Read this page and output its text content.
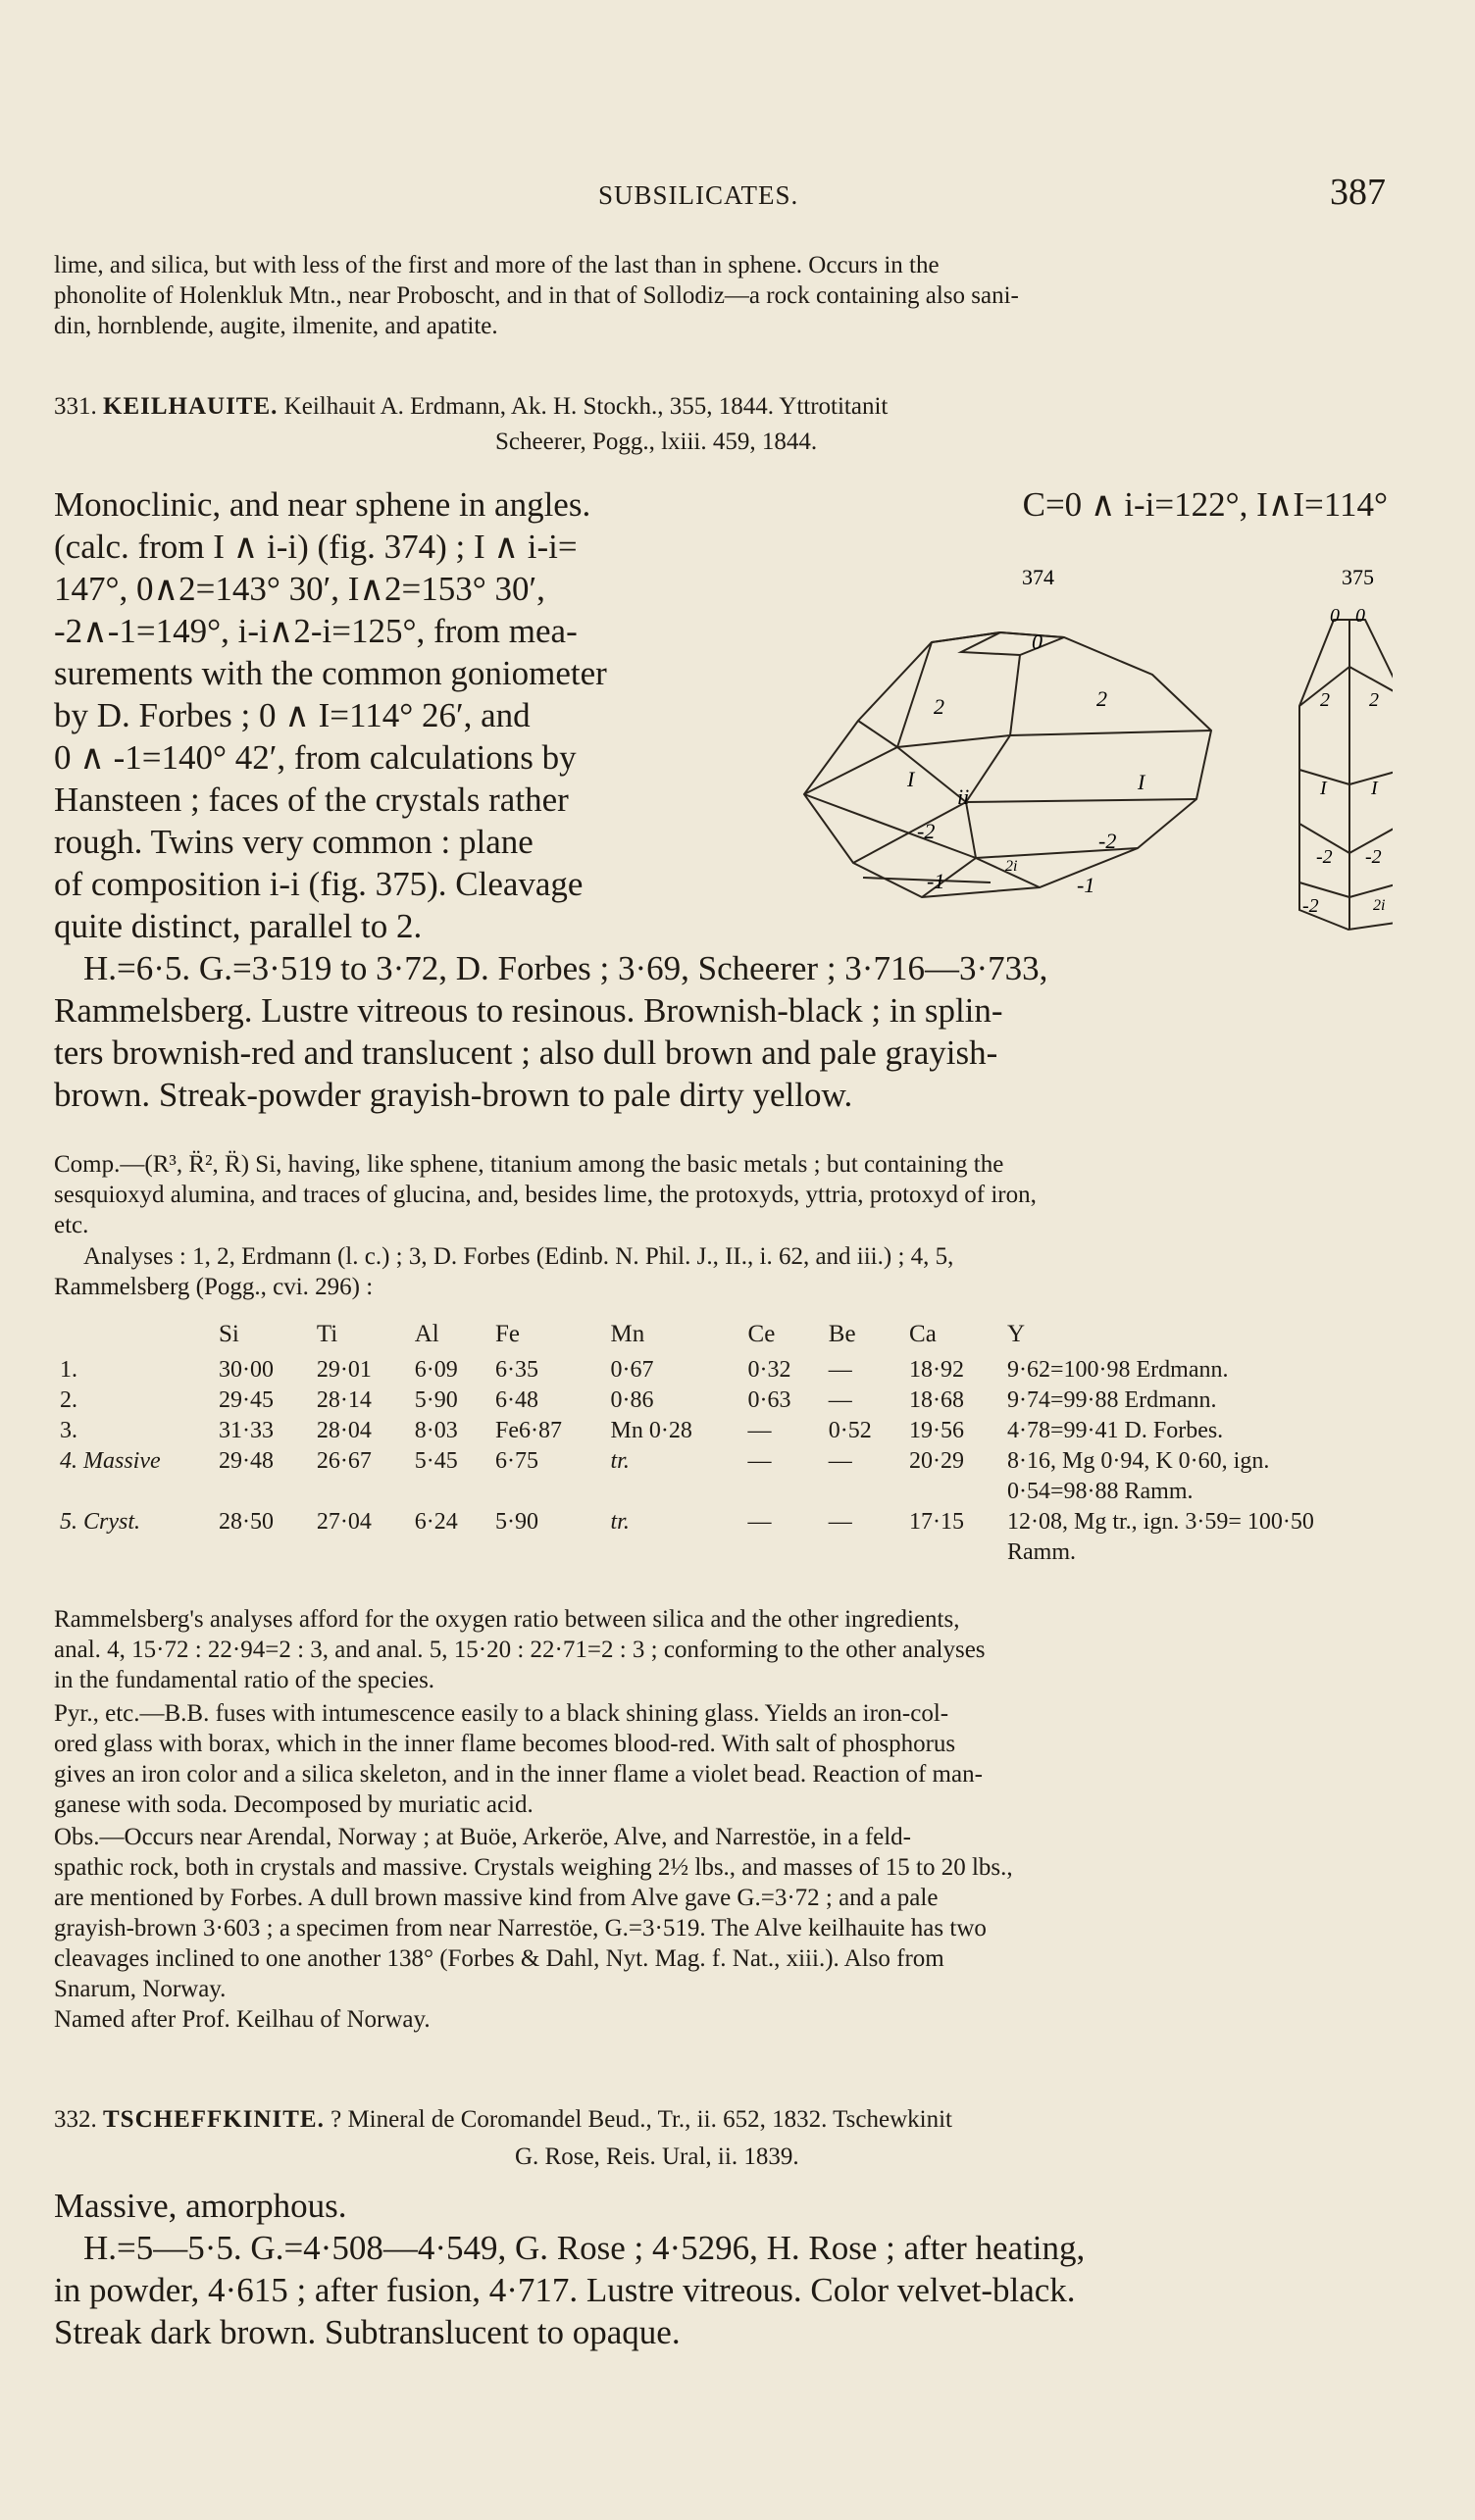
SUBSILICATES.	387
lime, and silica, but with less of the first and more of the last than in sphene. Occurs in the
phonolite of Holenkluk Mtn., near Proboscht, and in that of Sollodiz—a rock containing also sani-
din, hornblende, augite, ilmenite, and apatite.
331. KEILHAUITE. Keilhauit A. Erdmann, Ak. H. Stockh., 355, 1844. Yttrotitanit
Scheerer, Pogg., lxiii. 459, 1844.
Monoclinic, and near sphene in angles.
(calc. from I ∧ i-i) (fig. 374) ; I ∧ i-i=
147°, 0∧2=143° 30′, I∧2=153° 30′,
-2∧-1=149°, i-i∧2-i=125°, from mea-
surements with the common goniometer
by D. Forbes ; 0 ∧ I=114° 26′, and
0 ∧ -1=140° 42′, from calculations by
Hansteen ; faces of the crystals rather
rough. Twins very common : plane
of composition i-i (fig. 375). Cleavage
quite distinct, parallel to 2.
C=0 ∧ i-i=122°, I∧I=114°
374
0
2	2
I
ii
I
-2	-2
-1	-1
2i
375
0 0
2 2
I I
-2 -2
-2	2i
H.=6·5. G.=3·519 to 3·72, D. Forbes ; 3·69, Scheerer ; 3·716—3·733,
Rammelsberg. Lustre vitreous to resinous. Brownish-black ; in splin-
ters brownish-red and translucent ; also dull brown and pale grayish-
brown. Streak-powder grayish-brown to pale dirty yellow.
Comp.—(R³, R̈², R̈) Si, having, like sphene, titanium among the basic metals ; but containing the
sesquioxyd alumina, and traces of glucina, and, besides lime, the protoxyds, yttria, protoxyd of iron,
etc.
Analyses : 1, 2, Erdmann (l. c.) ; 3, D. Forbes (Edinb. N. Phil. J., II., i. 62, and iii.) ; 4, 5,
Rammelsberg (Pogg., cvi. 296) :
	Si	Ti	Al	Fe	Mn	Ce	Be	Ca	Y
1.	30·00	29·01	6·09	6·35	0·67	0·32	—	18·92	9·62=100·98 Erdmann.
2.	29·45	28·14	5·90	6·48	0·86	0·63	—	18·68	9·74=99·88 Erdmann.
3.	31·33	28·04	8·03	Fe6·87	Mn 0·28	—	0·52	19·56	4·78=99·41 D. Forbes.
4. Massive	29·48	26·67	5·45	6·75	tr.	—	—	20·29	8·16, Mg 0·94, K 0·60, ign. 0·54=98·88 Ramm.
5. Cryst.	28·50	27·04	6·24	5·90	tr.	—	—	17·15	12·08, Mg tr., ign. 3·59= 100·50 Ramm.
Rammelsberg's analyses afford for the oxygen ratio between silica and the other ingredients,
anal. 4, 15·72 : 22·94=2 : 3, and anal. 5, 15·20 : 22·71=2 : 3 ; conforming to the other analyses
in the fundamental ratio of the species.
Pyr., etc.—B.B. fuses with intumescence easily to a black shining glass. Yields an iron-col-
ored glass with borax, which in the inner flame becomes blood-red. With salt of phosphorus
gives an iron color and a silica skeleton, and in the inner flame a violet bead. Reaction of man-
ganese with soda. Decomposed by muriatic acid.
Obs.—Occurs near Arendal, Norway ; at Buöe, Arkeröe, Alve, and Narrestöe, in a feld-
spathic rock, both in crystals and massive. Crystals weighing 2½ lbs., and masses of 15 to 20 lbs.,
are mentioned by Forbes. A dull brown massive kind from Alve gave G.=3·72 ; and a pale
grayish-brown 3·603 ; a specimen from near Narrestöe, G.=3·519. The Alve keilhauite has two
cleavages inclined to one another 138° (Forbes & Dahl, Nyt. Mag. f. Nat., xiii.). Also from
Snarum, Norway.
Named after Prof. Keilhau of Norway.
332. TSCHEFFKINITE. ? Mineral de Coromandel Beud., Tr., ii. 652, 1832. Tschewkinit
G. Rose, Reis. Ural, ii. 1839.
Massive, amorphous.
H.=5—5·5. G.=4·508—4·549, G. Rose ; 4·5296, H. Rose ; after heating,
in powder, 4·615 ; after fusion, 4·717. Lustre vitreous. Color velvet-black.
Streak dark brown. Subtranslucent to opaque.
